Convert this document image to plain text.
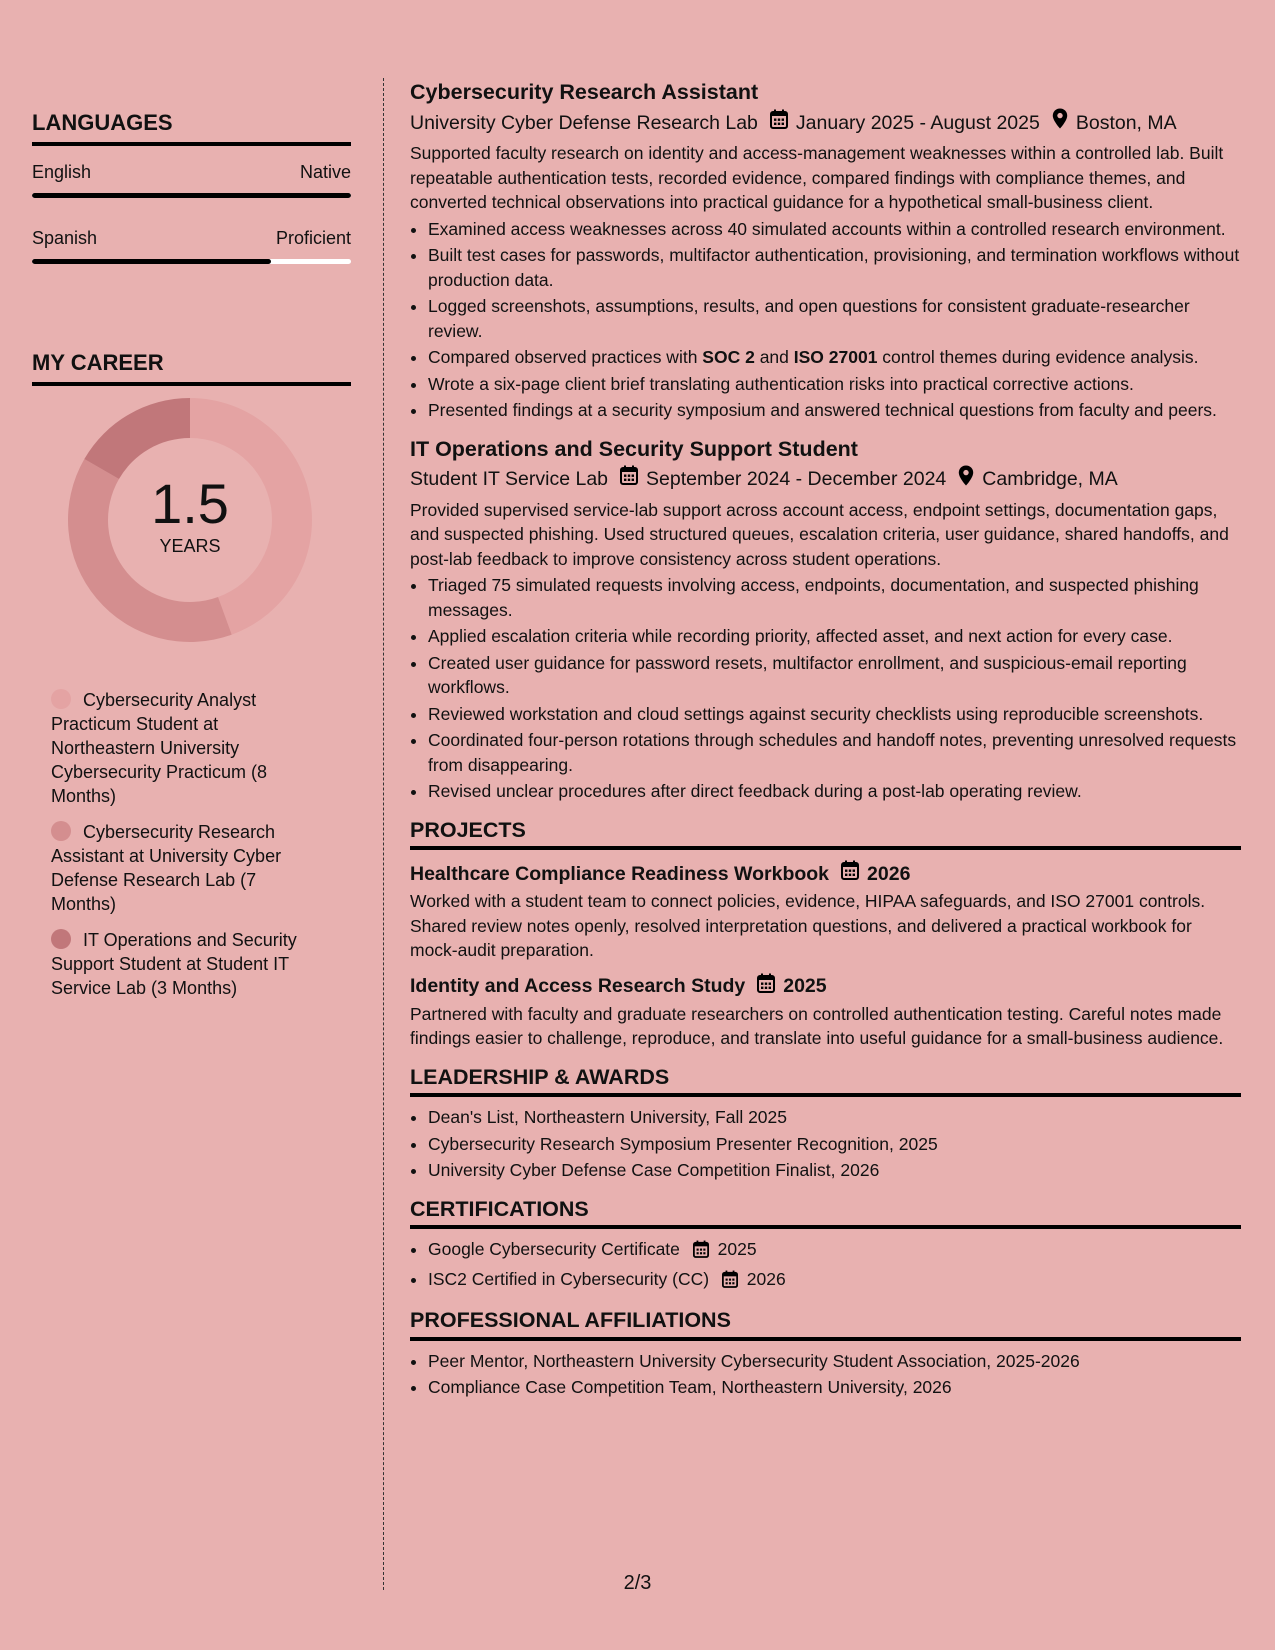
LANGUAGES
English	Native
Spanish	Proficient
MY CAREER
1.5
YEARS
Cybersecurity Analyst Practicum Student at Northeastern University Cybersecurity Practicum (8 Months)
Cybersecurity Research Assistant at University Cyber Defense Research Lab (7 Months)
IT Operations and Security Support Student at Student IT Service Lab (3 Months)
Cybersecurity Research Assistant
University Cyber Defense Research Lab January 2025 - August 2025 Boston, MA

Supported faculty research on identity and access-management weaknesses within a controlled lab. Built repeatable authentication tests, recorded evidence, compared findings with compliance themes, and converted technical observations into practical guidance for a hypothetical small-business client.

• Examined access weaknesses across 40 simulated accounts within a controlled research environment.
• Built test cases for passwords, multifactor authentication, provisioning, and termination workflows without production data.
• Logged screenshots, assumptions, results, and open questions for consistent graduate-researcher review.
• Compared observed practices with SOC 2 and ISO 27001 control themes during evidence analysis.
• Wrote a six-page client brief translating authentication risks into practical corrective actions.
• Presented findings at a security symposium and answered technical questions from faculty and peers.
IT Operations and Security Support Student
Student IT Service Lab September 2024 - December 2024 Cambridge, MA

Provided supervised service-lab support across account access, endpoint settings, documentation gaps, and suspected phishing. Used structured queues, escalation criteria, user guidance, shared handoffs, and post-lab feedback to improve consistency across student operations.

• Triaged 75 simulated requests involving access, endpoints, documentation, and suspected phishing messages.
• Applied escalation criteria while recording priority, affected asset, and next action for every case.
• Created user guidance for password resets, multifactor enrollment, and suspicious-email reporting workflows.
• Reviewed workstation and cloud settings against security checklists using reproducible screenshots.
• Coordinated four-person rotations through schedules and handoff notes, preventing unresolved requests from disappearing.
• Revised unclear procedures after direct feedback during a post-lab operating review.
PROJECTS
Healthcare Compliance Readiness Workbook 2026

Worked with a student team to connect policies, evidence, HIPAA safeguards, and ISO 27001 controls. Shared review notes openly, resolved interpretation questions, and delivered a practical workbook for mock-audit preparation.

Identity and Access Research Study 2025

Partnered with faculty and graduate researchers on controlled authentication testing. Careful notes made findings easier to challenge, reproduce, and translate into useful guidance for a small-business audience.

LEADERSHIP & AWARDS
• Dean's List, Northeastern University, Fall 2025
• Cybersecurity Research Symposium Presenter Recognition, 2025
• University Cyber Defense Case Competition Finalist, 2026
CERTIFICATIONS
• Google Cybersecurity Certificate 2025
• ISC2 Certified in Cybersecurity (CC) 2026
PROFESSIONAL AFFILIATIONS
• Peer Mentor, Northeastern University Cybersecurity Student Association, 2025-2026
• Compliance Case Competition Team, Northeastern University, 2026
2/3
